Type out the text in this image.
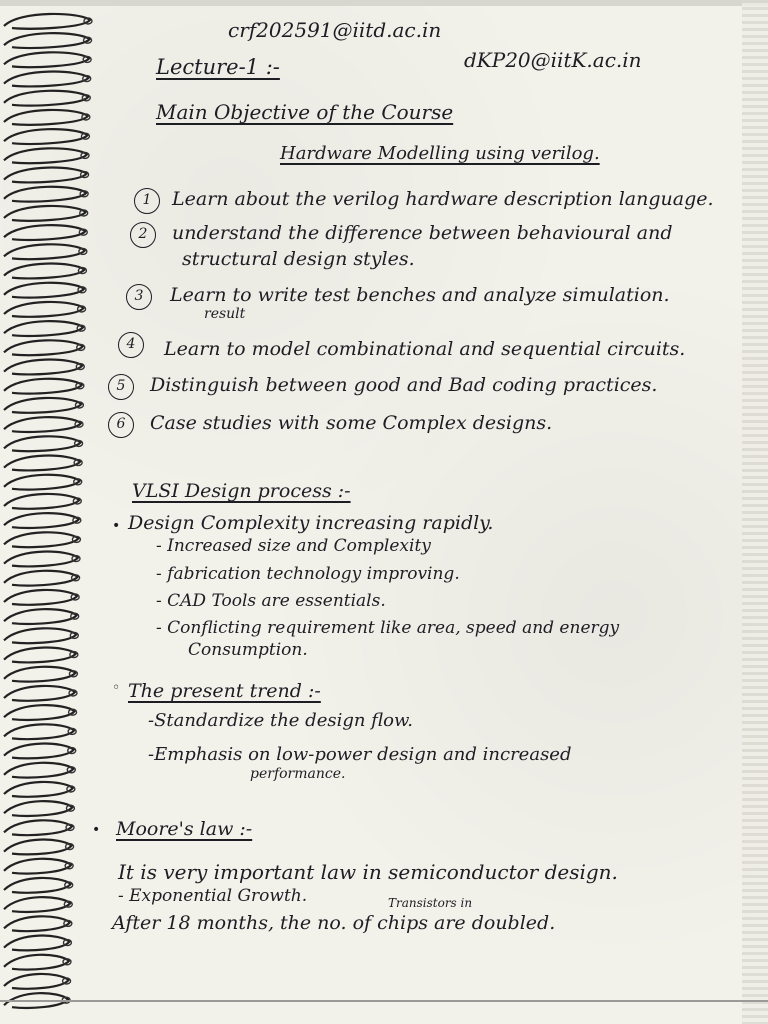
crf202591@iitd.ac.in
Lecture-1 :-	dKP20@iitK.ac.in
Main Objective of the Course
Hardware Modelling using verilog.
1	Learn about the verilog hardware description language.
2	understand the difference between behavioural and
structural design styles.
3	Learn to write test benches and analyze simulation.
result
4	Learn to model combinational and sequential circuits.
5	Distinguish between good and Bad coding practices.
6	Case studies with some Complex designs.
VLSI Design process :-
• Design Complexity increasing rapidly.
- Increased size and Complexity
- fabrication technology improving.
- CAD Tools are essentials.
- Conflicting requirement like area, speed and energy
Consumption.
◦ The present trend :-
-Standardize the design flow.
-Emphasis on low-power design and increased
performance.
• Moore's law :-
It is very important law in semiconductor design.
- Exponential Growth.	Transistors in
After 18 months, the no. of chips are doubled.
